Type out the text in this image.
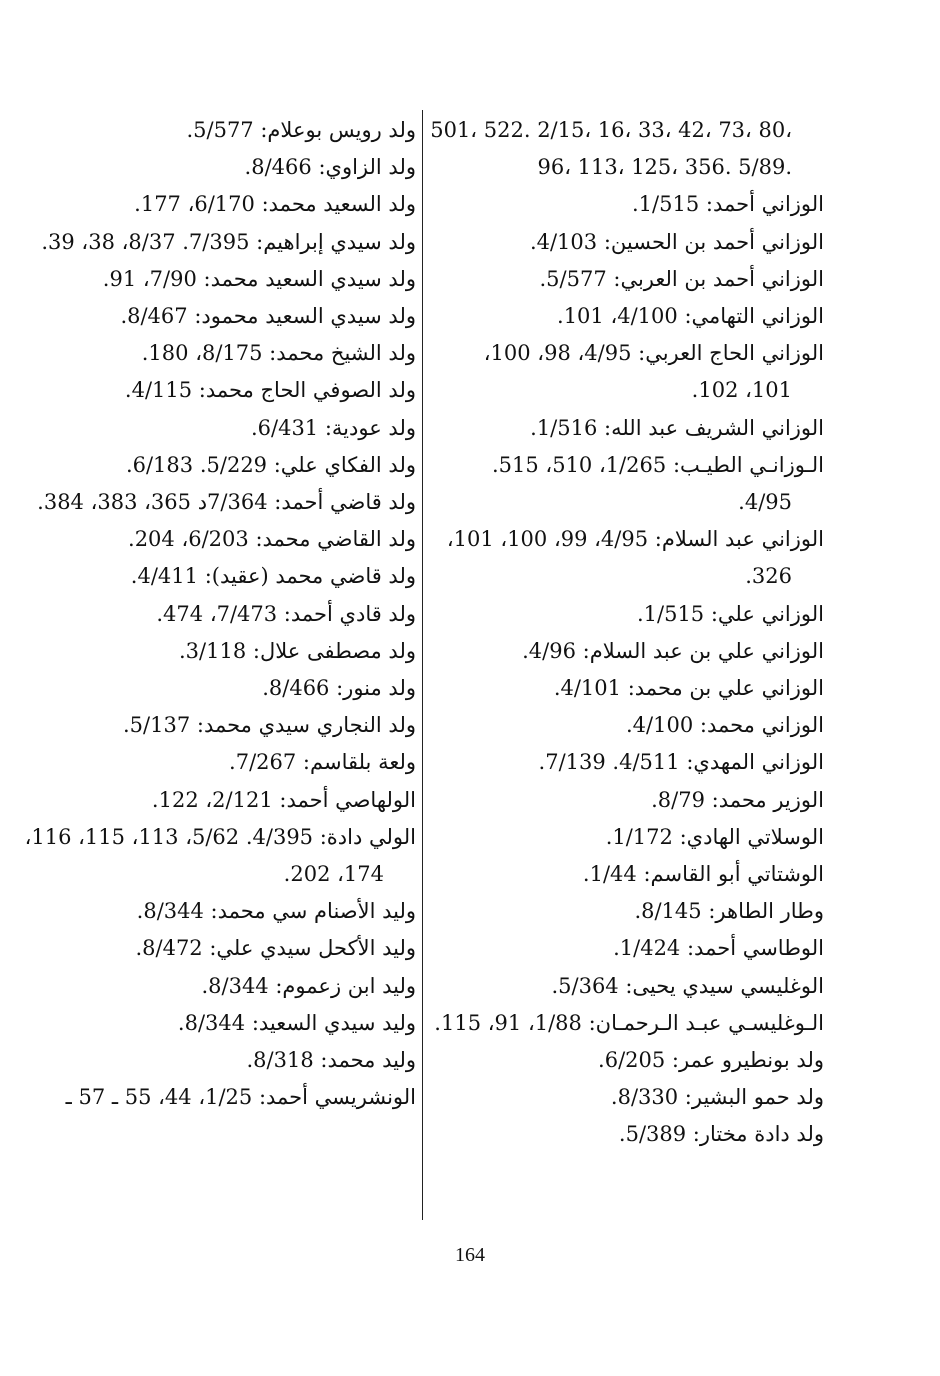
501، 522. 2/15، 16، 33، 42، 73، 80، 96، 113، 125، 356. 5/89.
الوزاني أحمد: 1/515.
الوزاني أحمد بن الحسين: 4/103.
الوزاني أحمد بن العربي: 5/577.
الوزاني التهامي: 4/100، 101.
الوزاني الحاج العربي: 4/95، 98، 100، 101، 102.
الوزاني الشريف عبد الله: 1/516.
الـوزانـي الطيـب: 1/265، 510، 515. 4/95.
الوزاني عبد السلام: 4/95، 99، 100، 101، 326.
الوزاني علي: 1/515.
الوزاني علي بن عبد السلام: 4/96.
الوزاني علي بن محمد: 4/101.
الوزاني محمد: 4/100.
الوزاني المهدي: 4/511. 7/139.
الوزير محمد: 8/79.
الوسلاتي الهادي: 1/172.
الوشتاتي أبو القاسم: 1/44.
وطار الطاهر: 8/145.
الوطاسي أحمد: 1/424.
الوغليسي سيدي يحيى: 5/364.
الـوغليسـي عبـد الـرحمـان: 1/88، 91، 115.
ولد بونطيرو عمر: 6/205.
ولد حمو البشير: 8/330.
ولد دادة مختار: 5/389.
ولد رويس بوعلام: 5/577.
ولد الزاوي: 8/466.
ولد السعيد محمد: 6/170، 177.
ولد سيدي إبراهيم: 7/395. 8/37، 38، 39.
ولد سيدي السعيد محمد: 7/90، 91.
ولد سيدي السعيد محمود: 8/467.
ولد الشيخ محمد: 8/175، 180.
ولد الصوفي الحاج محمد: 4/115.
ولد عودية: 6/431.
ولد الفكاي علي: 5/229. 6/183.
ولد قاضي أحمد: 7/364د 365، 383، 384.
ولد القاضي محمد: 6/203، 204.
ولد قاضي محمد (عقيد): 4/411.
ولد قادي أحمد: 7/473، 474.
ولد مصطفى علال: 3/118.
ولد منور: 8/466.
ولد النجاري سيدي محمد: 5/137.
ولعة بلقاسم: 7/267.
الولهاصي أحمد: 2/121، 122.
الولي دادة: 4/395. 5/62، 113، 115، 116، 174، 202.
وليد الأصنام سي محمد: 8/344.
وليد الأكحل سيدي علي: 8/472.
وليد ابن زعموم: 8/344.
وليد سيدي السعيد: 8/344.
وليد محمد: 8/318.
الونشريسي أحمد: 1/25، 44، 55 ـ 57 ـ
164
